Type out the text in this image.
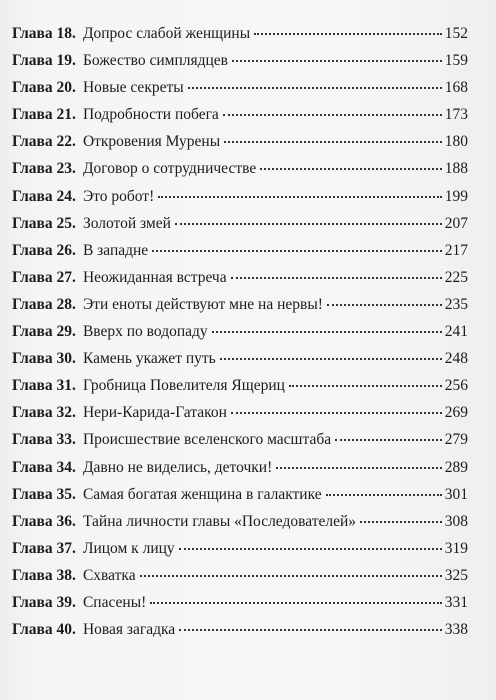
Глава 18. Допрос слабой женщины	152
Глава 19. Божество симплядцев	159
Глава 20. Новые секреты	168
Глава 21. Подробности побега	173
Глава 22. Откровения Мурены	180
Глава 23. Договор о сотрудничестве	188
Глава 24. Это робот!	199
Глава 25. Золотой змей	207
Глава 26. В западне	217
Глава 27. Неожиданная встреча	225
Глава 28. Эти еноты действуют мне на нервы!	235
Глава 29. Вверх по водопаду	241
Глава 30. Камень укажет путь	248
Глава 31. Гробница Повелителя Ящериц	256
Глава 32. Нери-Карида-Гатакон	269
Глава 33. Происшествие вселенского масштаба	279
Глава 34. Давно не виделись, деточки!	289
Глава 35. Самая богатая женщина в галактике	301
Глава 36. Тайна личности главы «Последователей»	308
Глава 37. Лицом к лицу	319
Глава 38. Схватка	325
Глава 39. Спасены!	331
Глава 40. Новая загадка	338
